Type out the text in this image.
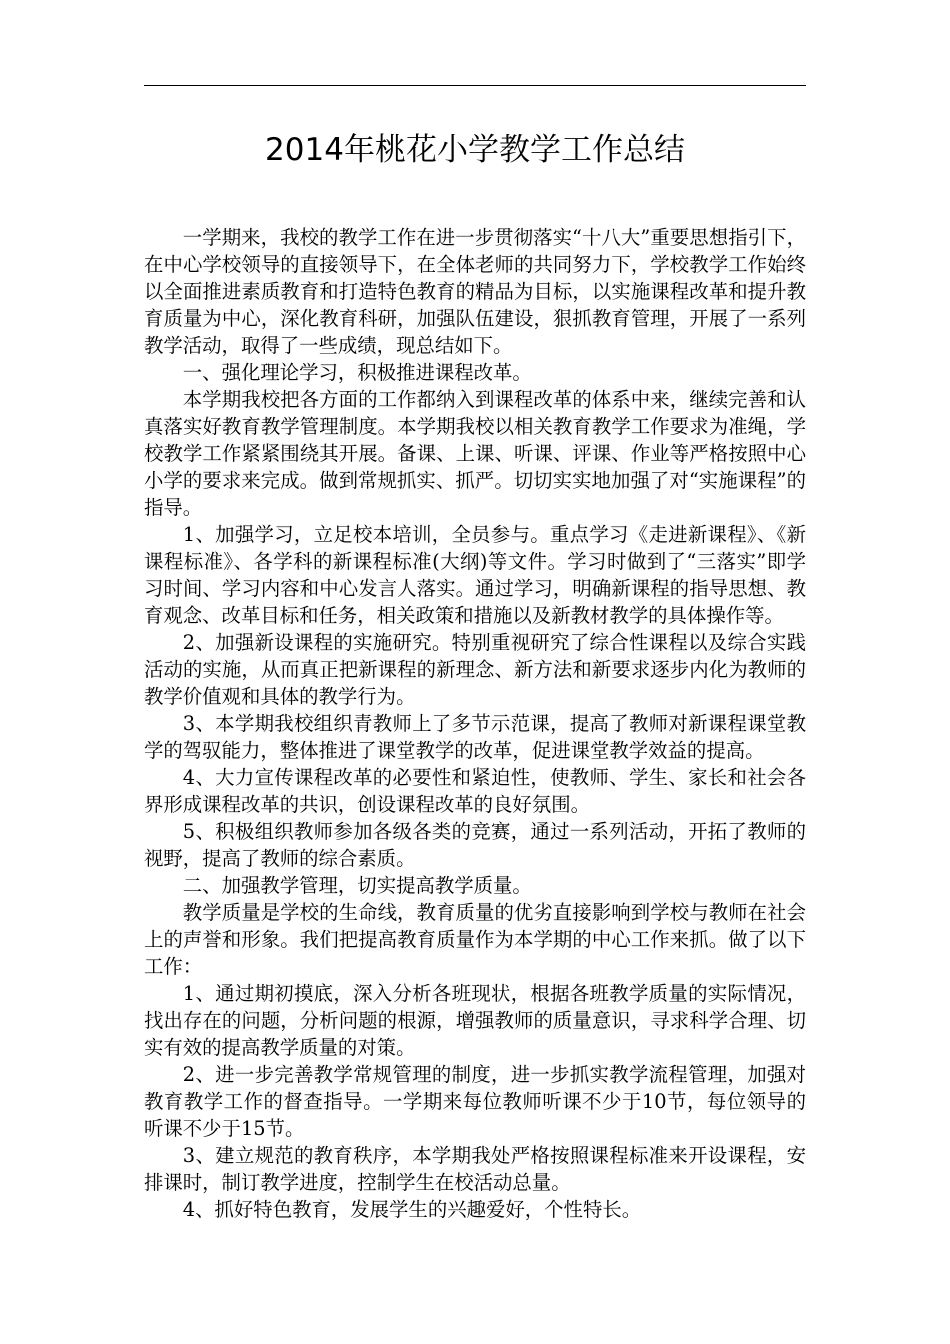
2014年桃花小学教学工作总结

一学期来，我校的教学工作在进一步贯彻落实“十八大”重要思想指引下，在中心学校领导的直接领导下，在全体老师的共同努力下，学校教学工作始终以全面推进素质教育和打造特色教育的精品为目标，以实施课程改革和提升教育质量为中心，深化教育科研，加强队伍建设，狠抓教育管理，开展了一系列教学活动，取得了一些成绩，现总结如下。

一、强化理论学习，积极推进课程改革。

本学期我校把各方面的工作都纳入到课程改革的体系中来，继续完善和认真落实好教育教学管理制度。本学期我校以相关教育教学工作要求为准绳，学校教学工作紧紧围绕其开展。备课、上课、听课、评课、作业等严格按照中心小学的要求来完成。做到常规抓实、抓严。切切实实地加强了对“实施课程”的指导。

1、加强学习，立足校本培训，全员参与。重点学习《走进新课程》、《新课程标准》、各学科的新课程标准(大纲)等文件。学习时做到了“三落实”即学习时间、学习内容和中心发言人落实。通过学习，明确新课程的指导思想、教育观念、改革目标和任务，相关政策和措施以及新教材教学的具体操作等。

2、加强新设课程的实施研究。特别重视研究了综合性课程以及综合实践活动的实施，从而真正把新课程的新理念、新方法和新要求逐步内化为教师的教学价值观和具体的教学行为。

3、本学期我校组织青教师上了多节示范课，提高了教师对新课程课堂教学的驾驭能力，整体推进了课堂教学的改革，促进课堂教学效益的提高。

4、大力宣传课程改革的必要性和紧迫性，使教师、学生、家长和社会各界形成课程改革的共识，创设课程改革的良好氛围。

5、积极组织教师参加各级各类的竞赛，通过一系列活动，开拓了教师的视野，提高了教师的综合素质。

二、加强教学管理，切实提高教学质量。

教学质量是学校的生命线，教育质量的优劣直接影响到学校与教师在社会上的声誉和形象。我们把提高教育质量作为本学期的中心工作来抓。做了以下工作：

1、通过期初摸底，深入分析各班现状，根据各班教学质量的实际情况，找出存在的问题，分析问题的根源，增强教师的质量意识，寻求科学合理、切实有效的提高教学质量的对策。

2、进一步完善教学常规管理的制度，进一步抓实教学流程管理，加强对教育教学工作的督查指导。一学期来每位教师听课不少于10节，每位领导的听课不少于15节。

3、建立规范的教育秩序，本学期我处严格按照课程标准来开设课程，安排课时，制订教学进度，控制学生在校活动总量。

4、抓好特色教育，发展学生的兴趣爱好，个性特长。
